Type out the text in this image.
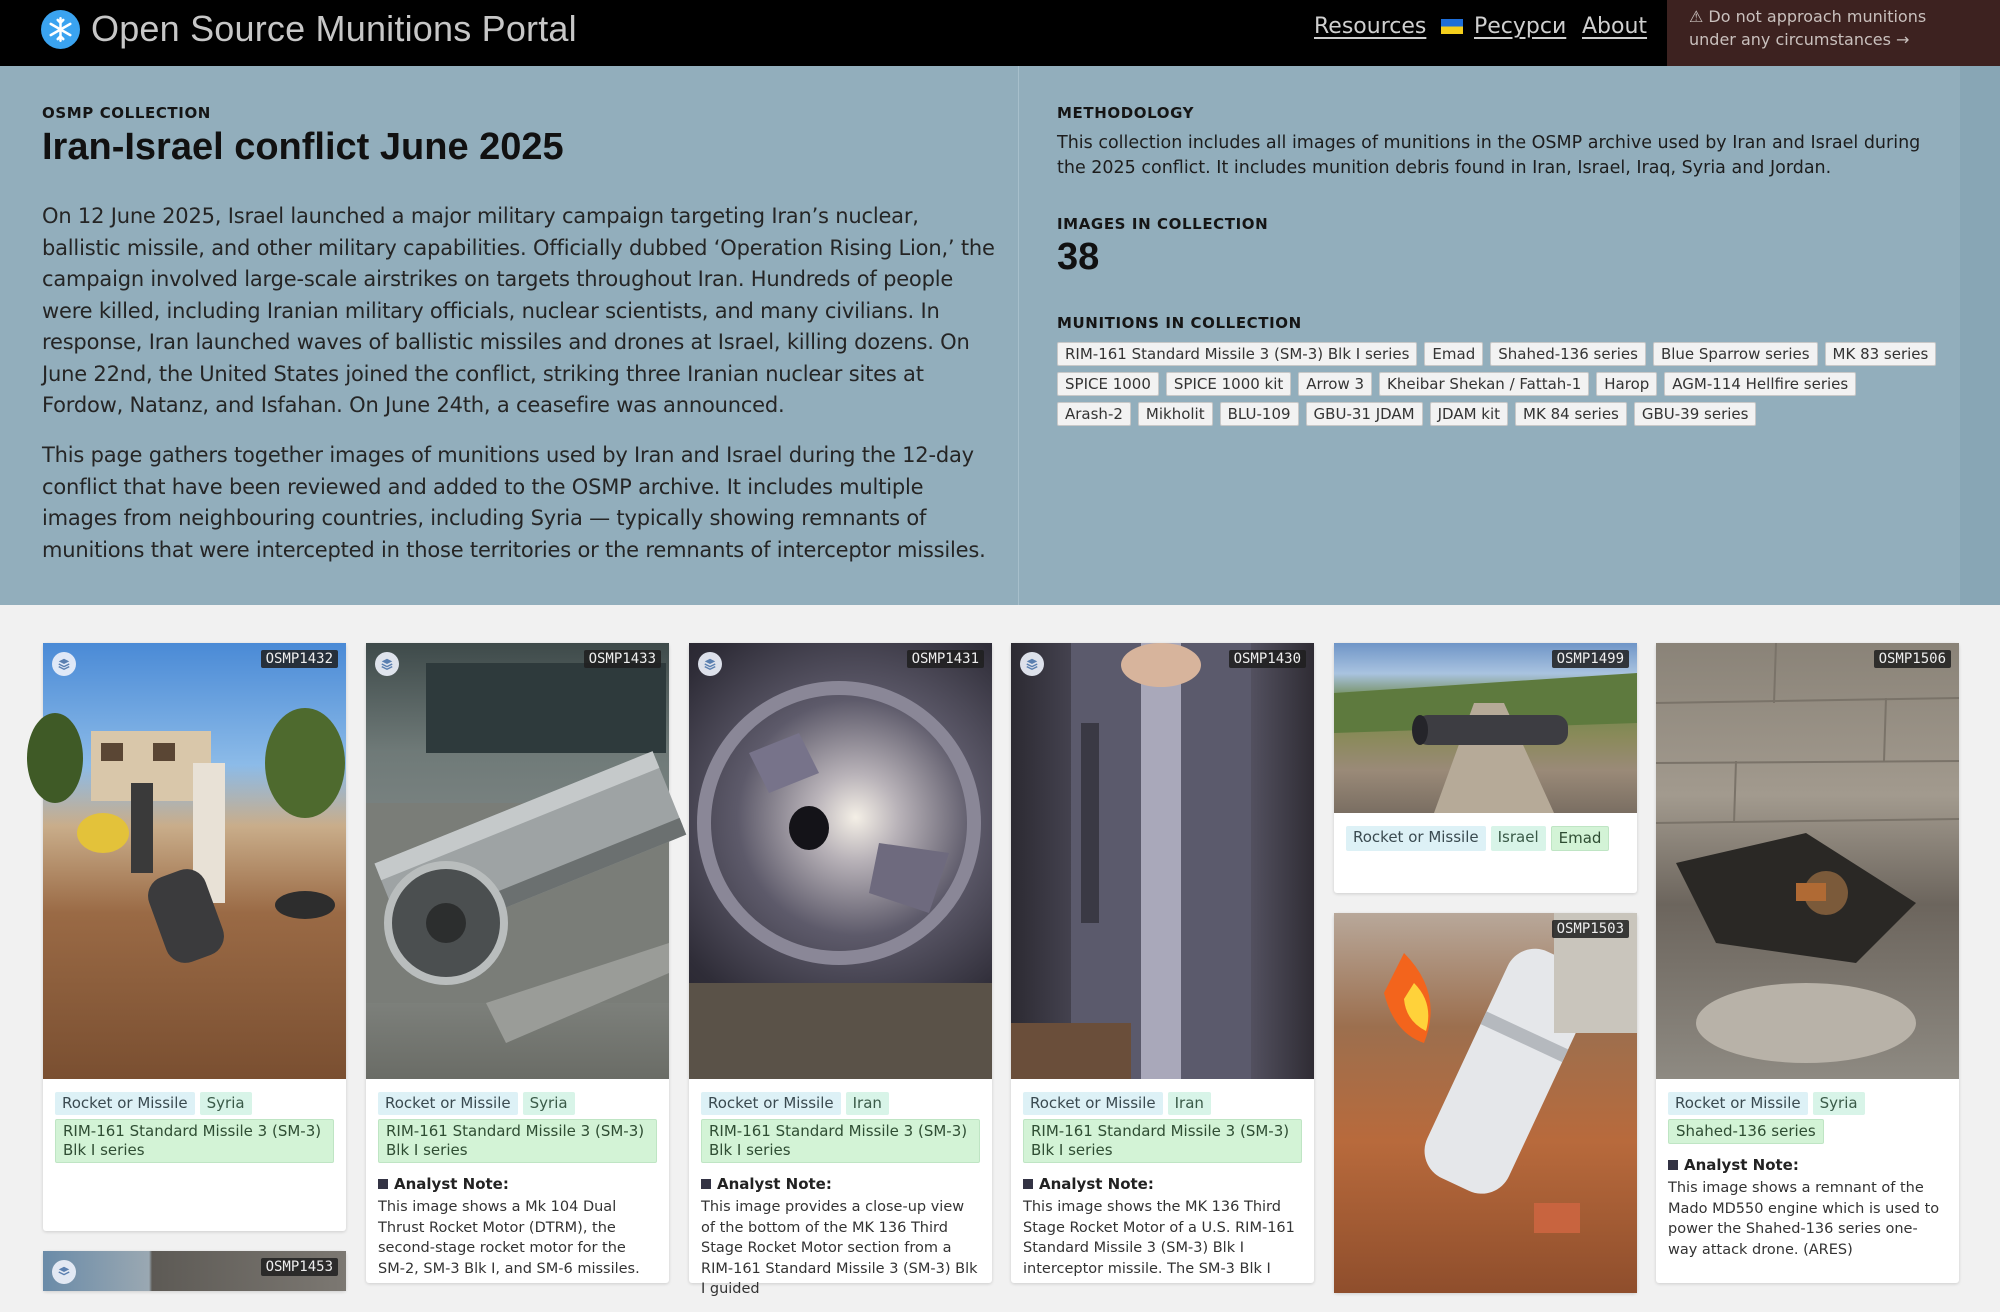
Open Source Munitions Portal	Resources Ресурси About	⚠ Do not approach munitions
under any circumstances →
OSMP COLLECTION
Iran-Israel conflict June 2025

On 12 June 2025, Israel launched a major military campaign targeting Iran’s nuclear, ballistic missile, and other military capabilities. Officially dubbed ‘Operation Rising Lion,’ the campaign involved large-scale airstrikes on targets throughout Iran. Hundreds of people were killed, including Iranian military officials, nuclear scientists, and many civilians. In response, Iran launched waves of ballistic missiles and drones at Israel, killing dozens. On June 22nd, the United States joined the conflict, striking three Iranian nuclear sites at Fordow, Natanz, and Isfahan. On June 24th, a ceasefire was announced.

This page gathers together images of munitions used by Iran and Israel during the 12-day conflict that have been reviewed and added to the OSMP archive. It includes multiple images from neighbouring countries, including Syria — typically showing remnants of munitions that were intercepted in those territories or the remnants of interceptor missiles.

METHODOLOGY

This collection includes all images of munitions in the OSMP archive used by Iran and Israel during the 2025 conflict. It includes munition debris found in Iran, Israel, Iraq, Syria and Jordan.

IMAGES IN COLLECTION
38
MUNITIONS IN COLLECTION
RIM-161 Standard Missile 3 (SM-3) Blk I series	Emad	Shahed-136 series	Blue Sparrow series	MK 83 series
SPICE 1000	SPICE 1000 kit	Arrow 3	Kheibar Shekan / Fattah-1	Harop	AGM-114 Hellfire series
Arash-2	Mikholit	BLU-109	GBU-31 JDAM	JDAM kit	MK 84 series	GBU-39 series
OSMP1432
Rocket or Missile	Syria
RIM-161 Standard Missile 3 (SM-3) Blk I series
OSMP1453
OSMP1433
Rocket or Missile	Syria
RIM-161 Standard Missile 3 (SM-3) Blk I series
Analyst Note:

This image shows a Mk 104 Dual Thrust Rocket Motor (DTRM), the second-stage rocket motor for the SM-2, SM-3 Blk I, and SM-6 missiles.

OSMP1431
Rocket or Missile	Iran
RIM-161 Standard Missile 3 (SM-3) Blk I series
Analyst Note:

This image provides a close-up view of the bottom of the MK 136 Third Stage Rocket Motor section from a RIM-161 Standard Missile 3 (SM-3) Blk I guided

OSMP1430
Rocket or Missile	Iran
RIM-161 Standard Missile 3 (SM-3) Blk I series
Analyst Note:

This image shows the MK 136 Third Stage Rocket Motor of a U.S. RIM-161 Standard Missile 3 (SM-3) Blk I interceptor missile. The SM-3 Blk I

OSMP1499
Rocket or Missile	Israel	Emad
OSMP1503
OSMP1506
Rocket or Missile	Syria
Shahed-136 series
Analyst Note:

This image shows a remnant of the Mado MD550 engine which is used to power the Shahed-136 series one-way attack drone. (ARES)
